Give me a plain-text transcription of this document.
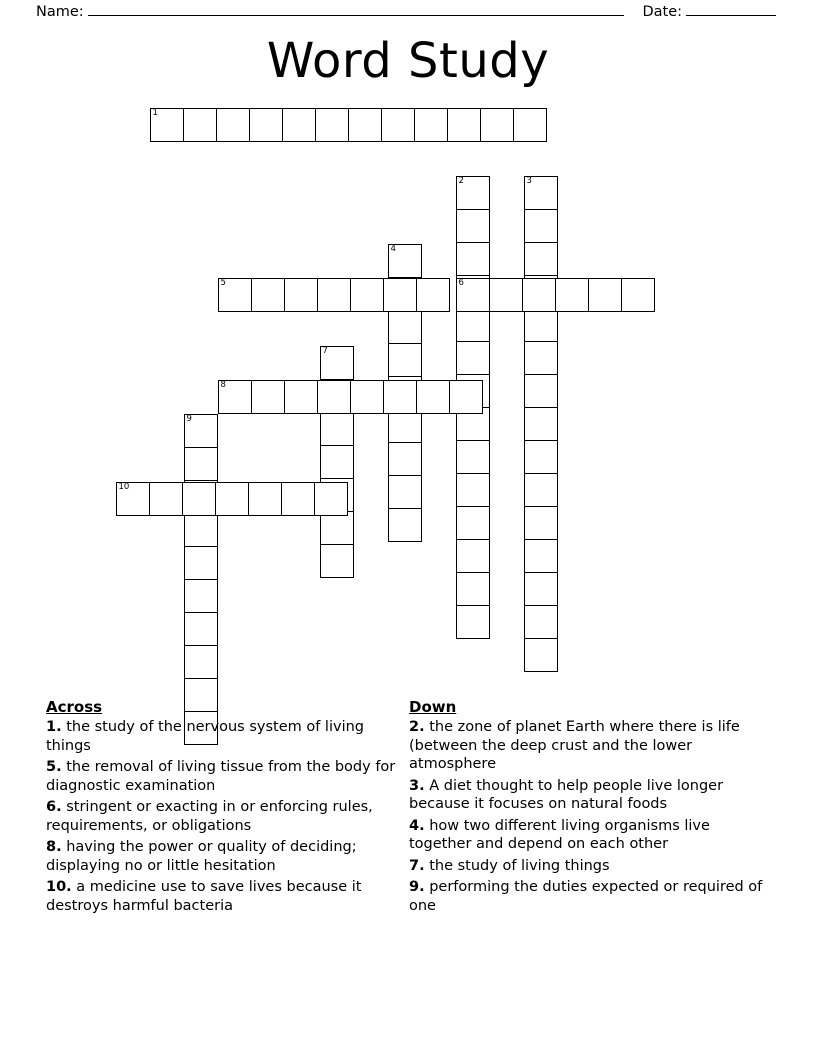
Name:	Date:
Word Study
1
2	3
4
5	6
7
8
9
10
Across
1. the study of the nervous system of living things
5. the removal of living tissue from the body for diagnostic examination
6. stringent or exacting in or enforcing rules, requirements, or obligations
8. having the power or quality of deciding; displaying no or little hesitation
10. a medicine use to save lives because it destroys harmful bacteria
Down
2. the zone of planet Earth where there is life (between the deep crust and the lower atmosphere
3. A diet thought to help people live longer because it focuses on natural foods
4. how two different living organisms live together and depend on each other
7. the study of living things
9. performing the duties expected or required of one
